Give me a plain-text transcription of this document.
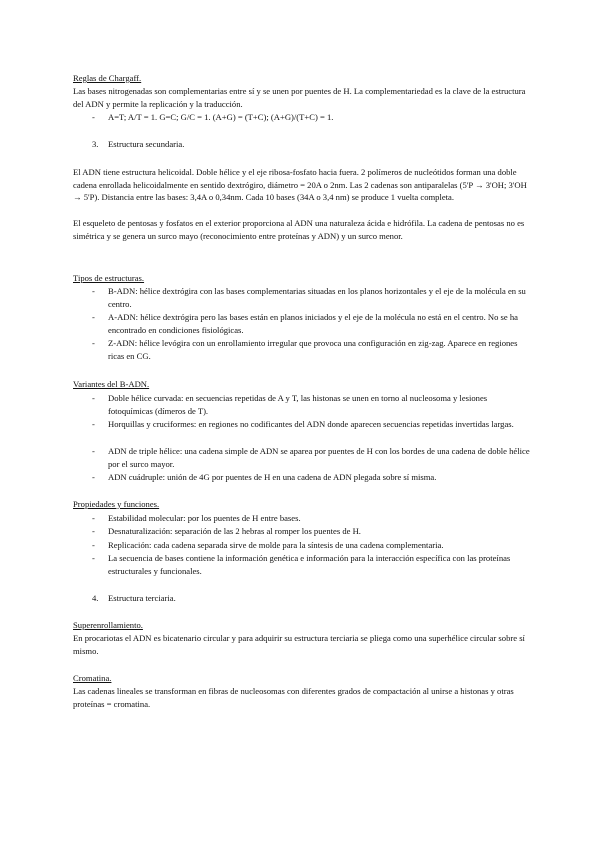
Reglas de Chargaff.
Las bases nitrogenadas son complementarias entre sí y se unen por puentes de H. La complementariedad es la clave de la estructura del ADN y permite la replicación y la traducción.
- A=T; A/T = 1. G=C; G/C = 1. (A+G) = (T+C); (A+G)/(T+C) = 1.
3. Estructura secundaria.
El ADN tiene estructura helicoidal. Doble hélice y el eje ribosa-fosfato hacia fuera. 2 polímeros de nucleótidos forman una doble cadena enrollada helicoidalmente en sentido dextrógiro, diámetro = 20A o 2nm. Las 2 cadenas son antiparalelas (5'P → 3'OH; 3'OH → 5'P). Distancia entre las bases: 3,4A o 0,34nm. Cada 10 bases (34A o 3,4 nm) se produce 1 vuelta completa.
El esqueleto de pentosas y fosfatos en el exterior proporciona al ADN una naturaleza ácida e hidrófila. La cadena de pentosas no es simétrica y se genera un surco mayo (reconocimiento entre proteínas y ADN) y un surco menor.
Tipos de estructuras.
- B-ADN: hélice dextrógira con las bases complementarias situadas en los planos horizontales y el eje de la molécula en su centro.
- A-ADN: hélice dextrógira pero las bases están en planos iniciados y el eje de la molécula no está en el centro. No se ha encontrado en condiciones fisiológicas.
- Z-ADN: hélice levógira con un enrollamiento irregular que provoca una configuración en zig-zag. Aparece en regiones ricas en CG.
Variantes del B-ADN.
- Doble hélice curvada: en secuencias repetidas de A y T, las histonas se unen en torno al nucleosoma y lesiones fotoquímicas (dímeros de T).
- Horquillas y cruciformes: en regiones no codificantes del ADN donde aparecen secuencias repetidas invertidas largas.
- ADN de triple hélice: una cadena simple de ADN se aparea por puentes de H con los bordes de una cadena de doble hélice por el surco mayor.
- ADN cuádruple: unión de 4G por puentes de H en una cadena de ADN plegada sobre sí misma.
Propiedades y funciones.
- Estabilidad molecular: por los puentes de H entre bases.
- Desnaturalización: separación de las 2 hebras al romper los puentes de H.
- Replicación: cada cadena separada sirve de molde para la síntesis de una cadena complementaria.
- La secuencia de bases contiene la información genética e información para la interacción específica con las proteínas estructurales y funcionales.
4. Estructura terciaria.
Superenrollamiento.
En procariotas el ADN es bicatenario circular y para adquirir su estructura terciaria se pliega como una superhélice circular sobre sí mismo.
Cromatina.
Las cadenas lineales se transforman en fibras de nucleosomas con diferentes grados de compactación al unirse a histonas y otras proteínas = cromatina.
